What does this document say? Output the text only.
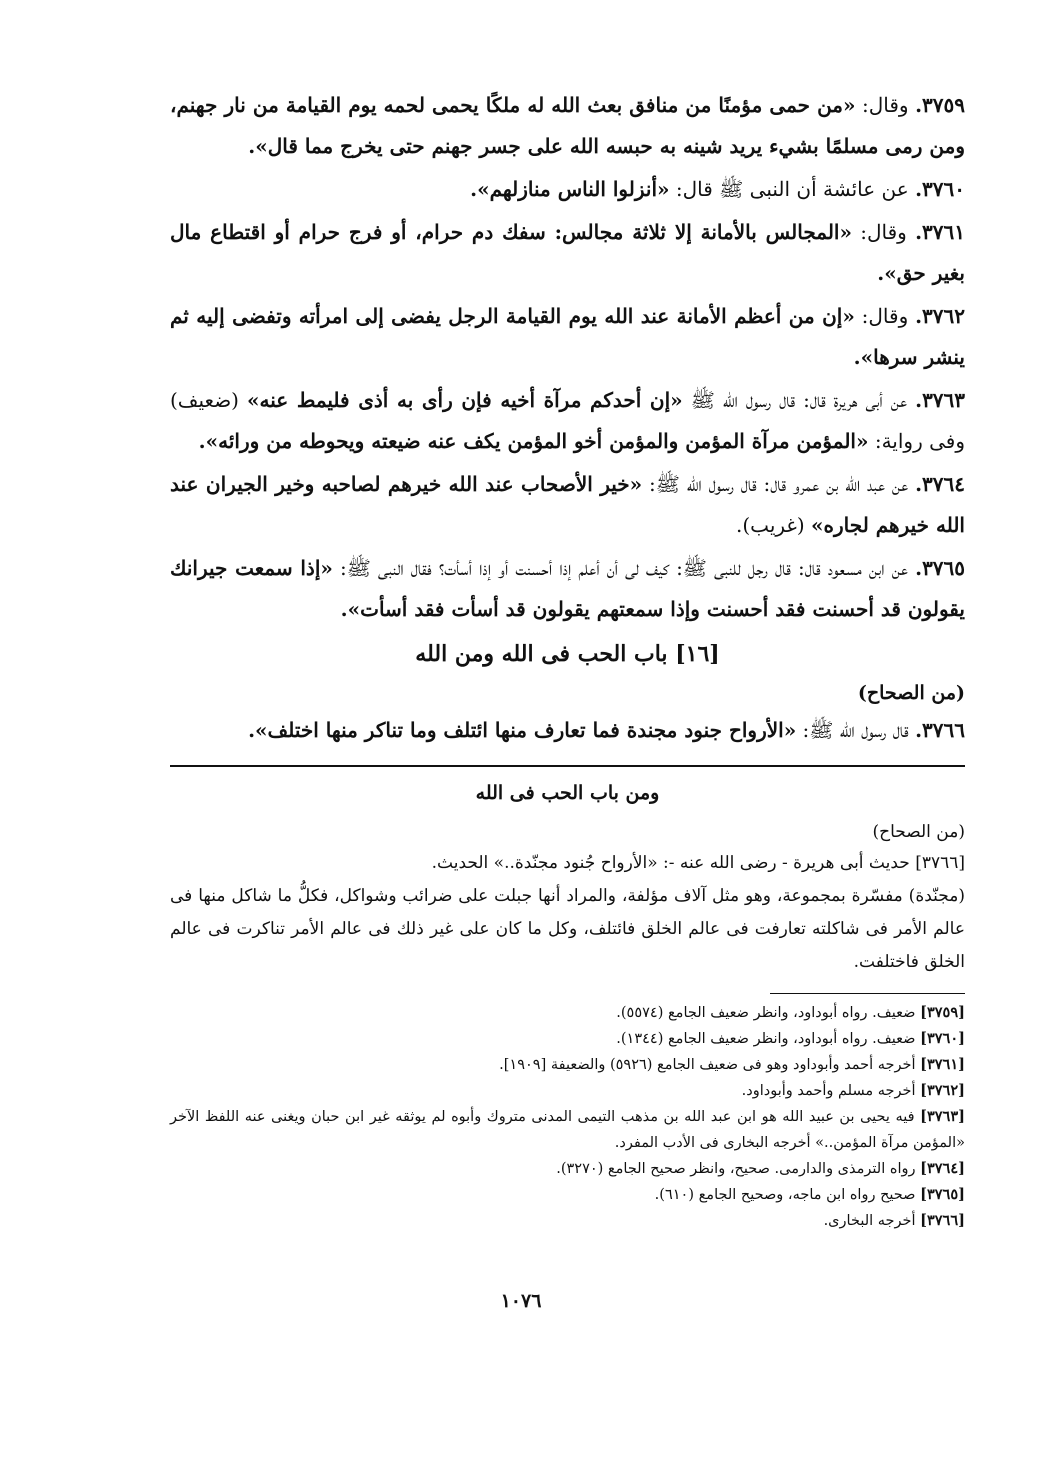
٣٧٥٩. وقال: «من حمى مؤمنًا من منافق بعث الله له ملكًا يحمى لحمه يوم القيامة من نار جهنم، ومن رمى مسلمًا بشيء يريد شينه به حبسه الله على جسر جهنم حتى يخرج مما قال».

٣٧٦٠. عن عائشة أن النبى ﷺ قال: «أنزلوا الناس منازلهم».

٣٧٦١. وقال: «المجالس بالأمانة إلا ثلاثة مجالس: سفك دم حرام، أو فرج حرام أو اقتطاع مال بغير حق».

٣٧٦٢. وقال: «إن من أعظم الأمانة عند الله يوم القيامة الرجل يفضى إلى امرأته وتفضى إليه ثم ينشر سرها».

٣٧٦٣. عن أبى هريرة قال: قال رسول الله ﷺ «إن أحدكم مرآة أخيه فإن رأى به أذى فليمط عنه» (ضعيف) وفى رواية: «المؤمن مرآة المؤمن والمؤمن أخو المؤمن يكف عنه ضيعته ويحوطه من ورائه».

٣٧٦٤. عن عبد الله بن عمرو قال: قال رسول الله ﷺ: «خير الأصحاب عند الله خيرهم لصاحبه وخير الجيران عند الله خيرهم لجاره» (غريب).

٣٧٦٥. عن ابن مسعود قال: قال رجل للنبى ﷺ: كيف لى أن أعلم إذا أحسنت أو إذا أسأت؟ فقال النبى ﷺ: «إذا سمعت جيرانك يقولون قد أحسنت فقد أحسنت وإذا سمعتهم يقولون قد أسأت فقد أسأت».

[١٦] باب الحب فى الله ومن الله

(من الصحاح)

٣٧٦٦. قال رسول الله ﷺ: «الأرواح جنود مجندة فما تعارف منها ائتلف وما تناكر منها اختلف».

ومن باب الحب فى الله

(من الصحاح)

[٣٧٦٦] حديث أبى هريرة - رضى الله عنه -: «الأرواح جُنود مجنّدة..» الحديث.

(مجنّدة) مفسّرة بمجموعة، وهو مثل آلاف مؤلفة، والمراد أنها جبلت على ضرائب وشواكل، فكلُّ ما شاكل منها فى عالم الأمر فى شاكلته تعارفت فى عالم الخلق فائتلف، وكل ما كان على غير ذلك فى عالم الأمر تناكرت فى عالم الخلق فاختلفت.

[٣٧٥٩] ضعيف. رواه أبوداود، وانظر ضعيف الجامع (٥٥٧٤).

[٣٧٦٠] ضعيف. رواه أبوداود، وانظر ضعيف الجامع (١٣٤٤).

[٣٧٦١] أخرجه أحمد وأبوداود وهو فى ضعيف الجامع (٥٩٢٦) والضعيفة [١٩٠٩].

[٣٧٦٢] أخرجه مسلم وأحمد وأبوداود.

[٣٧٦٣] فيه يحيى بن عبيد الله هو ابن عبد الله بن مذهب التيمى المدنى متروك وأبوه لم يوثقه غير ابن حبان ويغنى عنه اللفظ الآخر «المؤمن مرآة المؤمن..» أخرجه البخارى فى الأدب المفرد.

[٣٧٦٤] رواه الترمذى والدارمى. صحيح، وانظر صحيح الجامع (٣٢٧٠).

[٣٧٦٥] صحيح رواه ابن ماجه، وصحيح الجامع (٦١٠).

[٣٧٦٦] أخرجه البخارى.

١٠٧٦
